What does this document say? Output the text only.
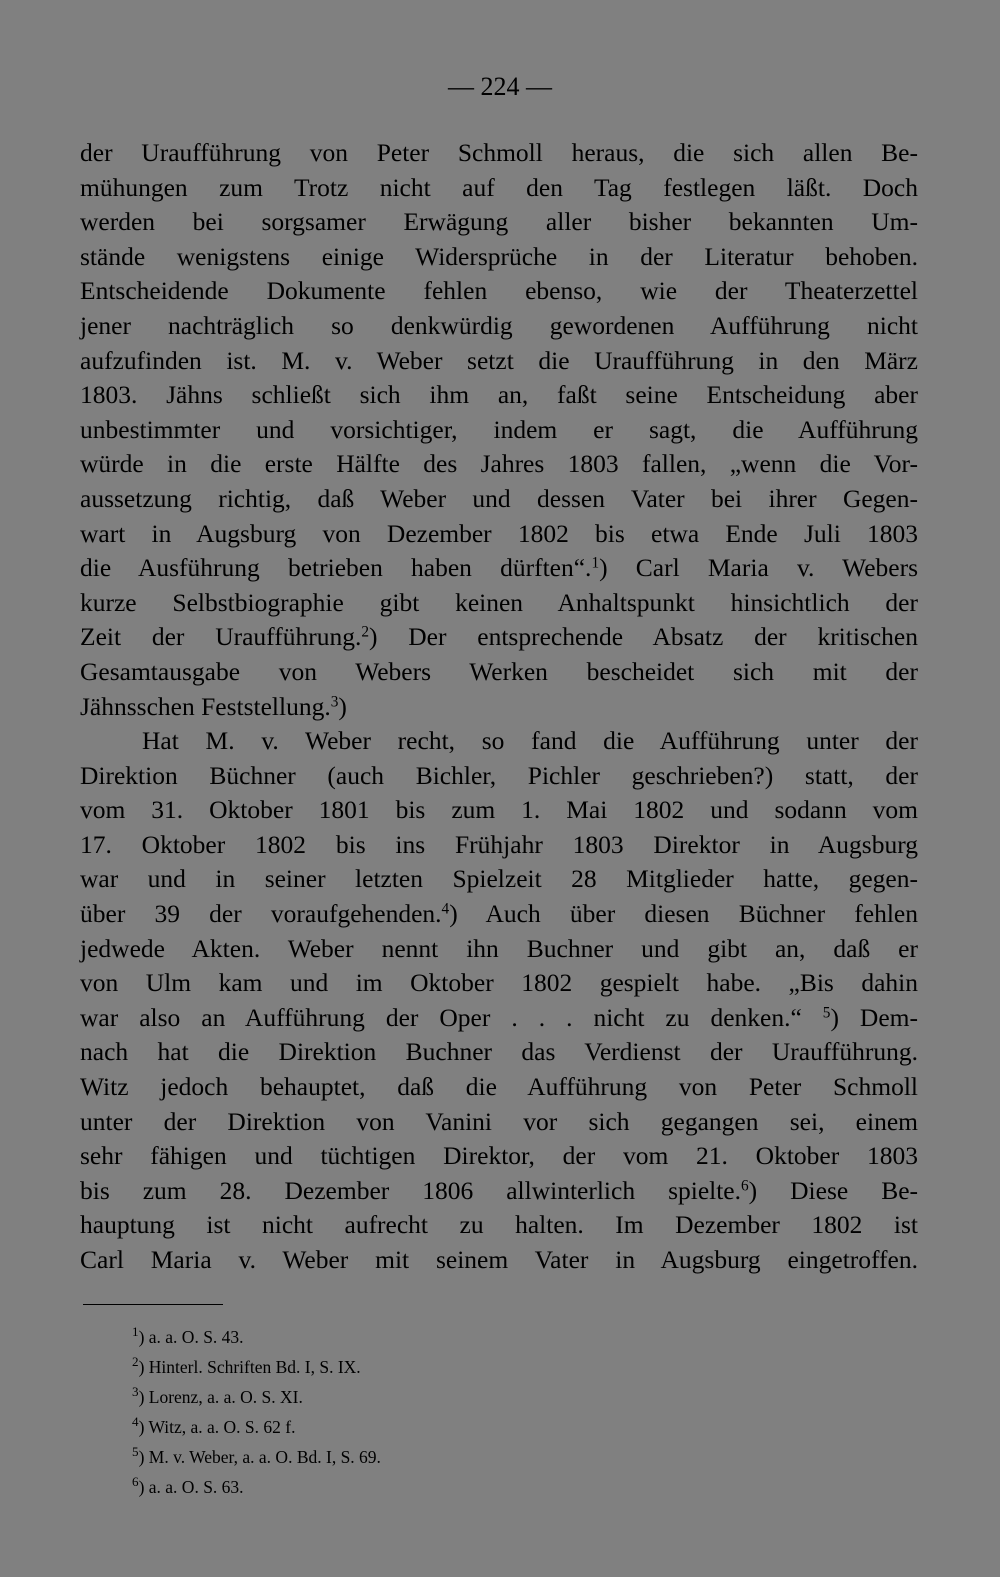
— 224 —
der Uraufführung von Peter Schmoll heraus, die sich allen Be-
mühungen zum Trotz nicht auf den Tag festlegen läßt. Doch
werden bei sorgsamer Erwägung aller bisher bekannten Um-
stände wenigstens einige Widersprüche in der Literatur behoben.
Entscheidende Dokumente fehlen ebenso, wie der Theaterzettel
jener nachträglich so denkwürdig gewordenen Aufführung nicht
aufzufinden ist. M. v. Weber setzt die Uraufführung in den März
1803. Jähns schließt sich ihm an, faßt seine Entscheidung aber
unbestimmter und vorsichtiger, indem er sagt, die Aufführung
würde in die erste Hälfte des Jahres 1803 fallen, „wenn die Vor-
aussetzung richtig, daß Weber und dessen Vater bei ihrer Gegen-
wart in Augsburg von Dezember 1802 bis etwa Ende Juli 1803
die Ausführung betrieben haben dürften“.$^1$) Carl Maria v. Webers
kurze Selbstbiographie gibt keinen Anhaltspunkt hinsichtlich der
Zeit der Uraufführung.$^2$) Der entsprechende Absatz der kritischen
Gesamtausgabe von Webers Werken bescheidet sich mit der
Jähnsschen Feststellung.$^3$)
Hat M. v. Weber recht, so fand die Aufführung unter der
Direktion Büchner (auch Bichler, Pichler geschrieben?) statt, der
vom 31. Oktober 1801 bis zum 1. Mai 1802 und sodann vom
17. Oktober 1802 bis ins Frühjahr 1803 Direktor in Augsburg
war und in seiner letzten Spielzeit 28 Mitglieder hatte, gegen-
über 39 der voraufgehenden.$^4$) Auch über diesen Büchner fehlen
jedwede Akten. Weber nennt ihn Buchner und gibt an, daß er
von Ulm kam und im Oktober 1802 gespielt habe. „Bis dahin
war also an Aufführung der Oper . . . nicht zu denken.“ $^5$) Dem-
nach hat die Direktion Buchner das Verdienst der Uraufführung.
Witz jedoch behauptet, daß die Aufführung von Peter Schmoll
unter der Direktion von Vanini vor sich gegangen sei, einem
sehr fähigen und tüchtigen Direktor, der vom 21. Oktober 1803
bis zum 28. Dezember 1806 allwinterlich spielte.$^6$) Diese Be-
hauptung ist nicht aufrecht zu halten. Im Dezember 1802 ist
Carl Maria v. Weber mit seinem Vater in Augsburg eingetroffen.
$^1$) a. a. O. S. 43.
$^2$) Hinterl. Schriften Bd. I, S. IX.
$^3$) Lorenz, a. a. O. S. XI.
$^4$) Witz, a. a. O. S. 62 f.
$^5$) M. v. Weber, a. a. O. Bd. I, S. 69.
$^6$) a. a. O. S. 63.
